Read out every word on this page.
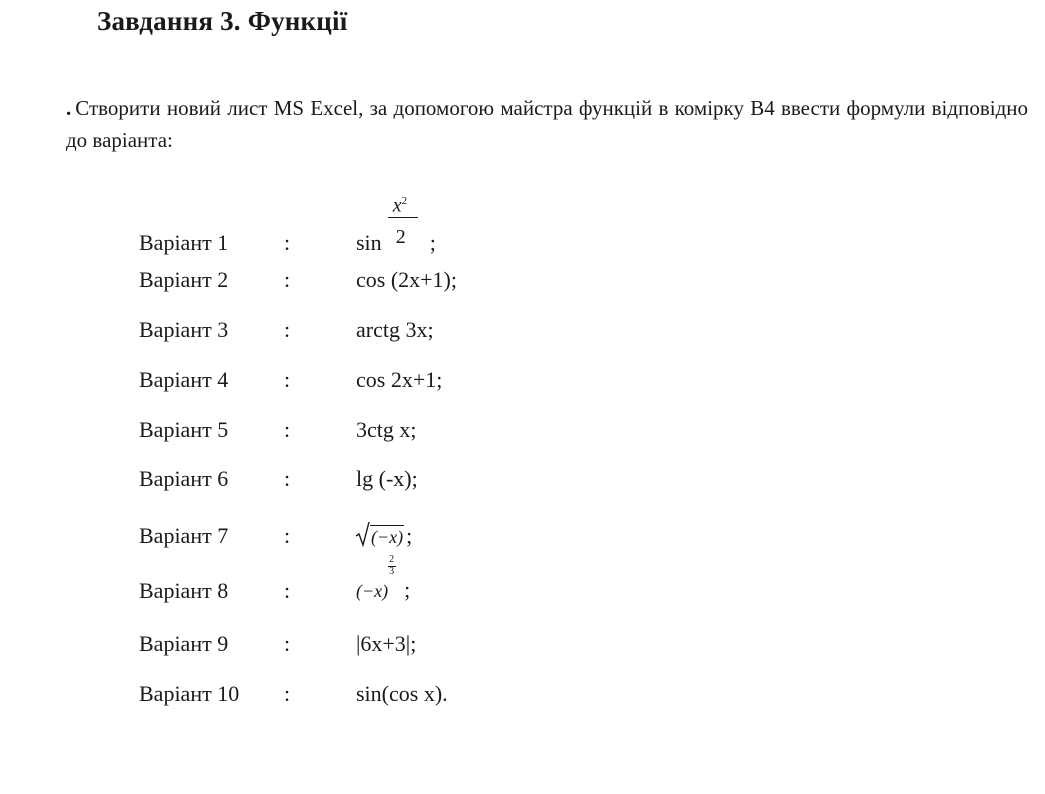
Завдання 3. Функції
. Створити новий лист MS Excel, за допомогою майстра функцій в комірку B4 ввести формули відповідно до варіанта:
Варіант 1	:	$\sin \frac{x^2}{2}$ ;
Варіант 2	:	cos (2x+1);
Варіант 3	:	arctg 3x;
Варіант 4	:	cos 2x+1;
Варіант 5	:	3ctg x;
Варіант 6	:	lg (-x);
Варіант 7	:	(−x) ;
Варіант 8	:	$(-x) \frac{2}{3}$ ;
Варіант 9	:	|6x+3|;
Варіант 10 :	sin(cos x).
